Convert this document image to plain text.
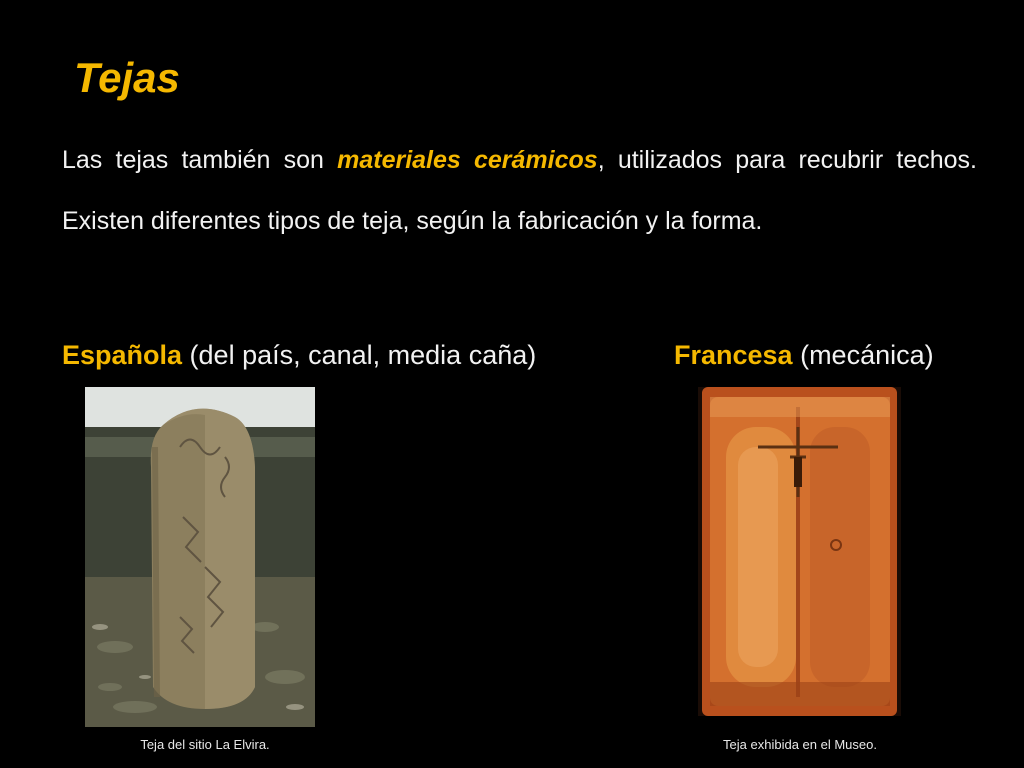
Tejas

Las tejas también son materiales cerámicos, utilizados para recubrir techos. Existen diferentes tipos de teja, según la fabricación y la forma.

Española (del país, canal, media caña)	Francesa (mecánica)

Teja del sitio La Elvira.	Teja exhibida en el Museo.
